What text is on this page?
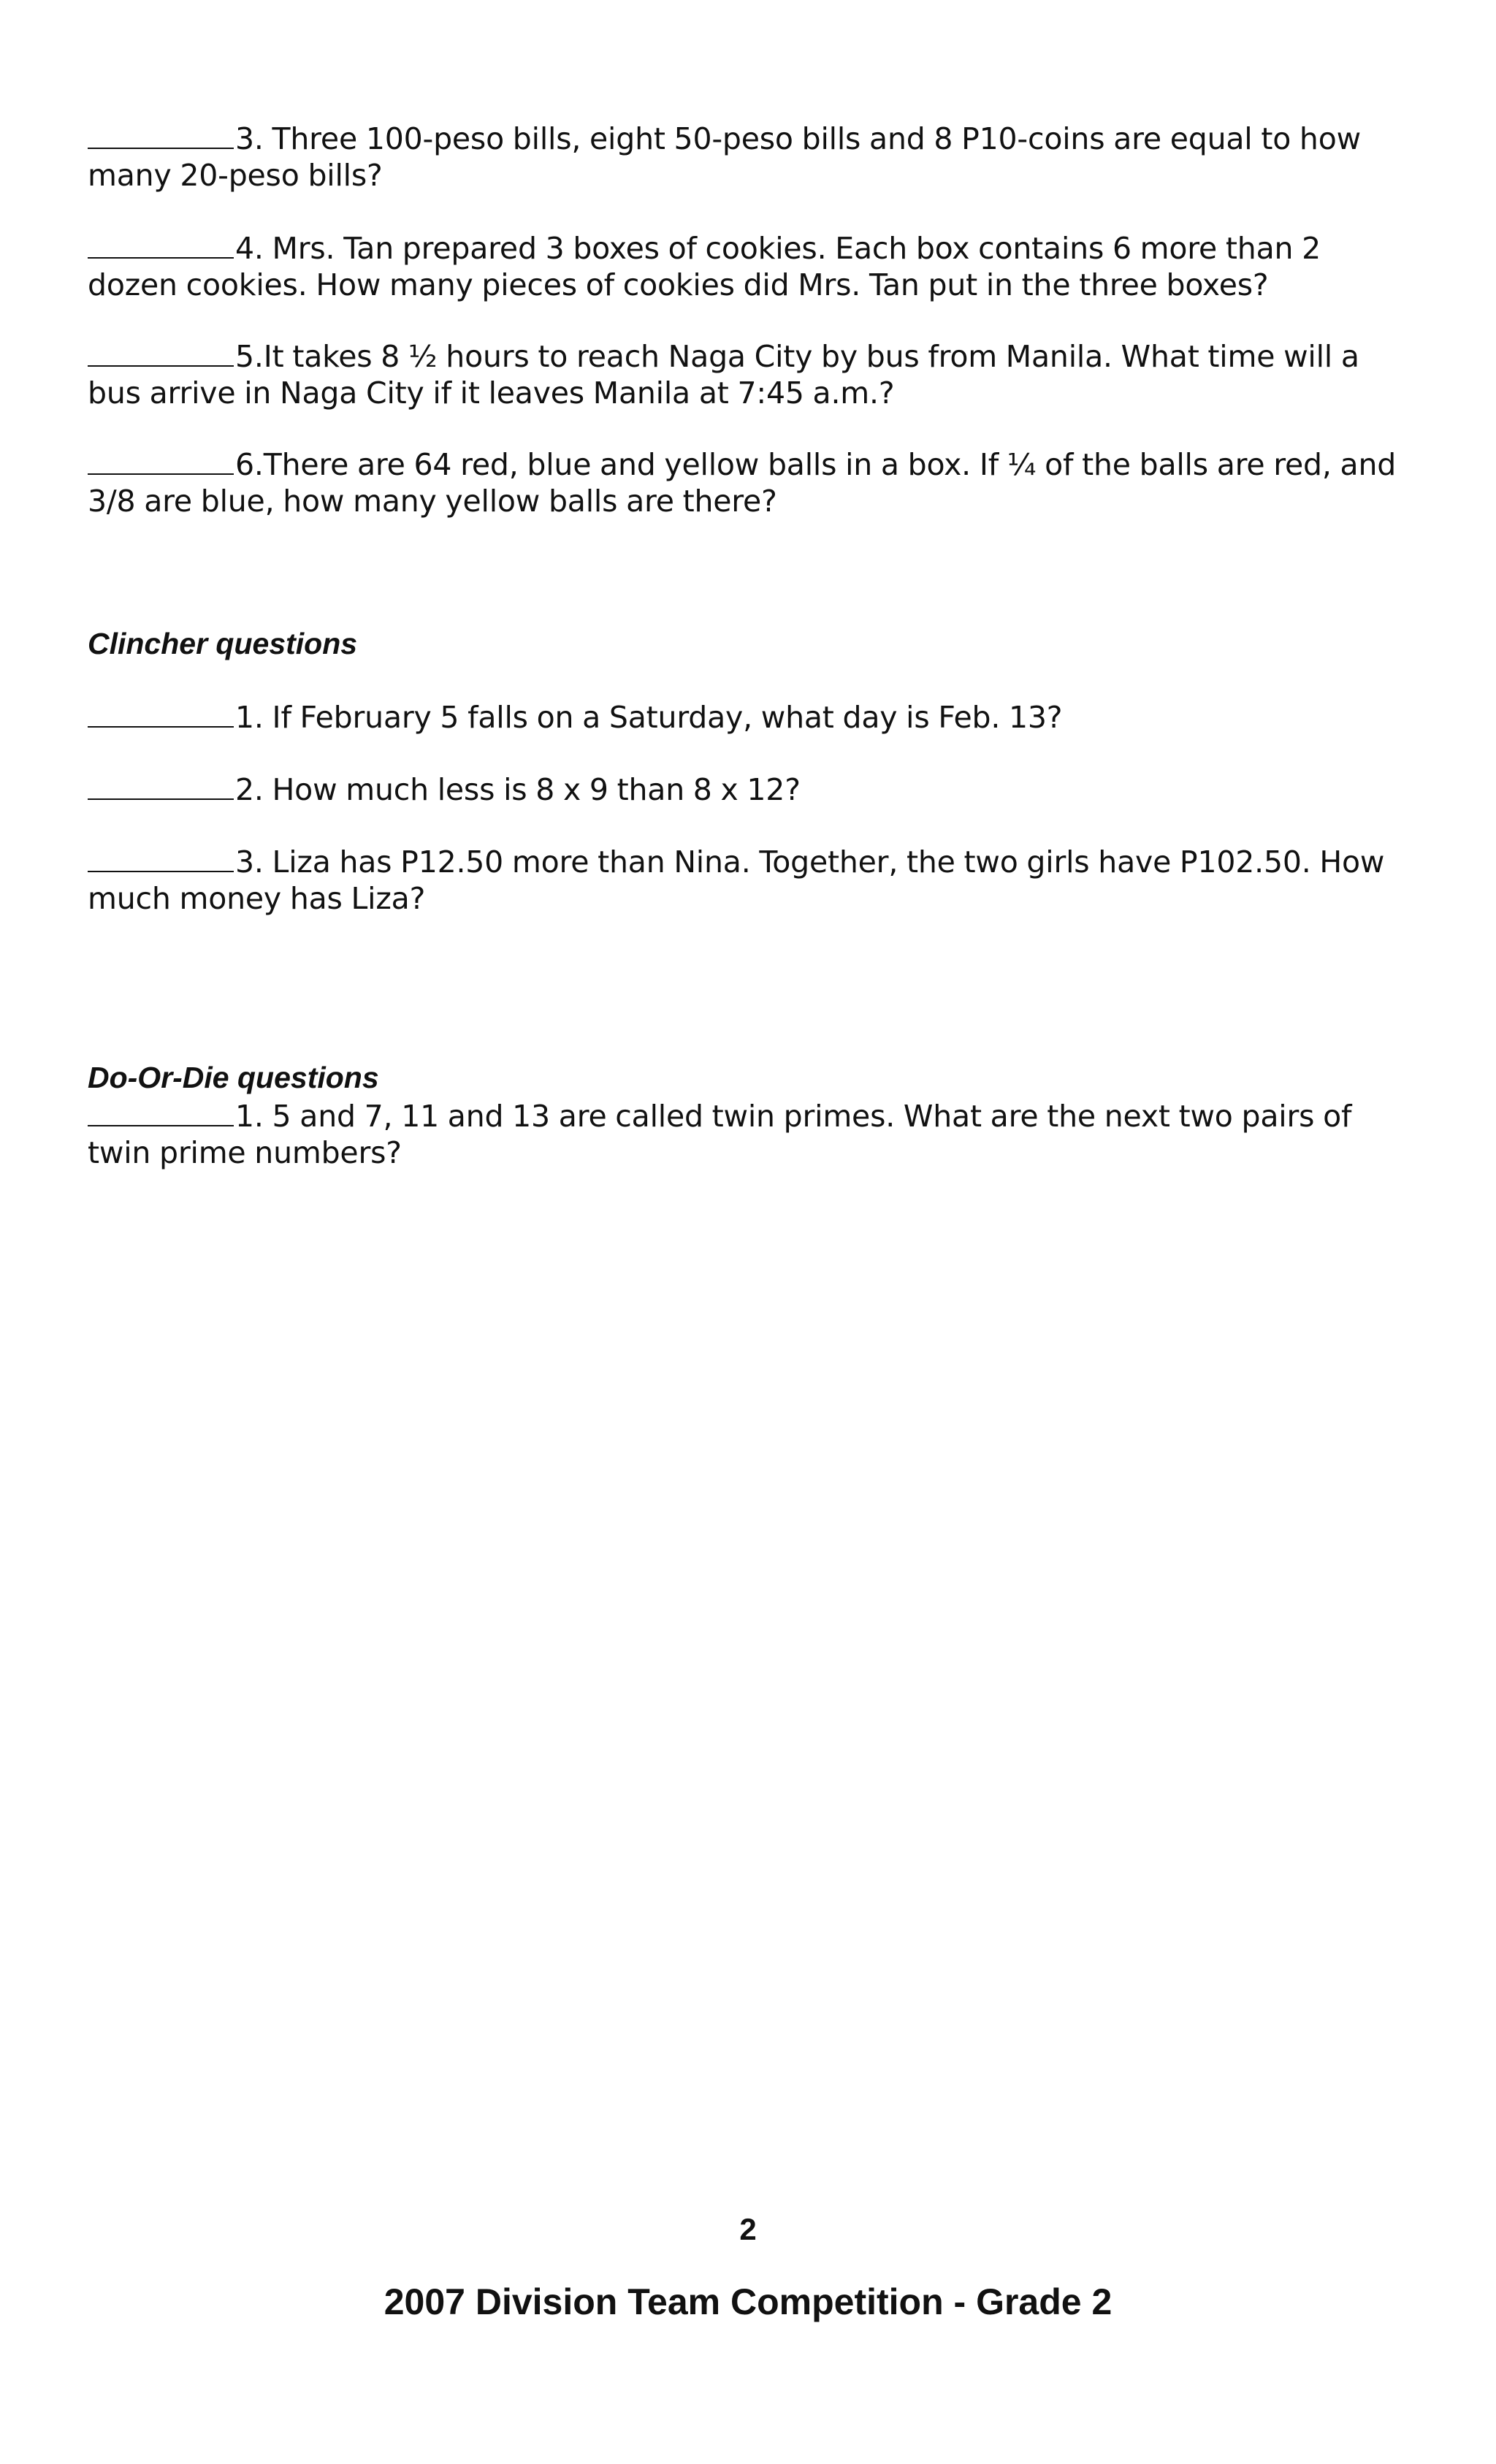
3. Three 100-peso bills, eight 50-peso bills and 8 P10-coins are equal to how many 20-peso bills?
4. Mrs. Tan prepared 3 boxes of cookies. Each box contains 6 more than 2 dozen cookies. How many pieces of cookies did Mrs. Tan put in the three boxes?
5.It takes 8 ½ hours to reach Naga City by bus from Manila. What time will a bus arrive in Naga City if it leaves Manila at 7:45 a.m.?
6.There are 64 red, blue and yellow balls in a box. If ¼ of the balls are red, and 3/8 are blue, how many yellow balls are there?
Clincher questions
1. If February 5 falls on a Saturday, what day is Feb. 13?
2. How much less is 8 x 9 than 8 x 12?
3. Liza has P12.50 more than Nina. Together, the two girls have P102.50. How much money has Liza?
Do-Or-Die questions
1. 5 and 7, 11 and 13 are called twin primes. What are the next two pairs of twin prime numbers?
2
2007 Division Team Competition - Grade 2
